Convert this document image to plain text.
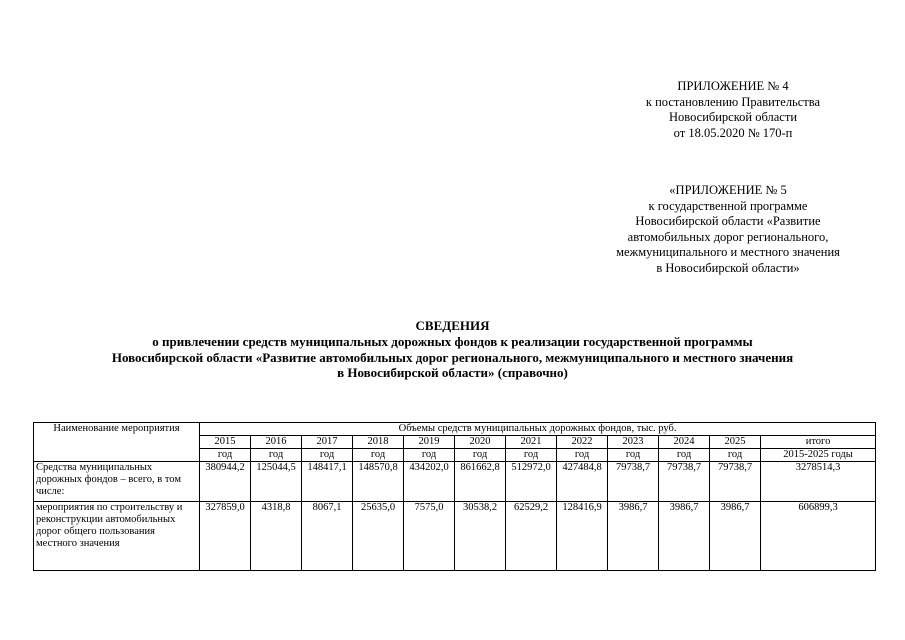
ПРИЛОЖЕНИЕ № 4
к постановлению Правительства
Новосибирской области
от 18.05.2020 № 170-п
«ПРИЛОЖЕНИЕ № 5
к государственной программе
Новосибирской области «Развитие
автомобильных дорог регионального,
межмуниципального и местного значения
в Новосибирской области»
СВЕДЕНИЯ
о привлечении средств муниципальных дорожных фондов к реализации государственной программы
Новосибирской области «Развитие автомобильных дорог регионального, межмуниципального и местного значения
в Новосибирской области» (справочно)
Наименование мероприятия	Объемы средств муниципальных дорожных фондов, тыс. руб.											
	2015	2016	2017	2018	2019	2020	2021	2022	2023	2024	2025	итого
	год	год	год	год	год	год	год	год	год	год	год	2015-2025 годы
Средства муниципальных дорожных фондов – всего, в том числе:	380944,2	125044,5	148417,1	148570,8	434202,0	861662,8	512972,0	427484,8	79738,7	79738,7	79738,7	3278514,3
мероприятия по строительству и реконструкции автомобильных дорог общего пользования местного значения	327859,0	4318,8	8067,1	25635,0	7575,0	30538,2	62529,2	128416,9	3986,7	3986,7	3986,7	606899,3
